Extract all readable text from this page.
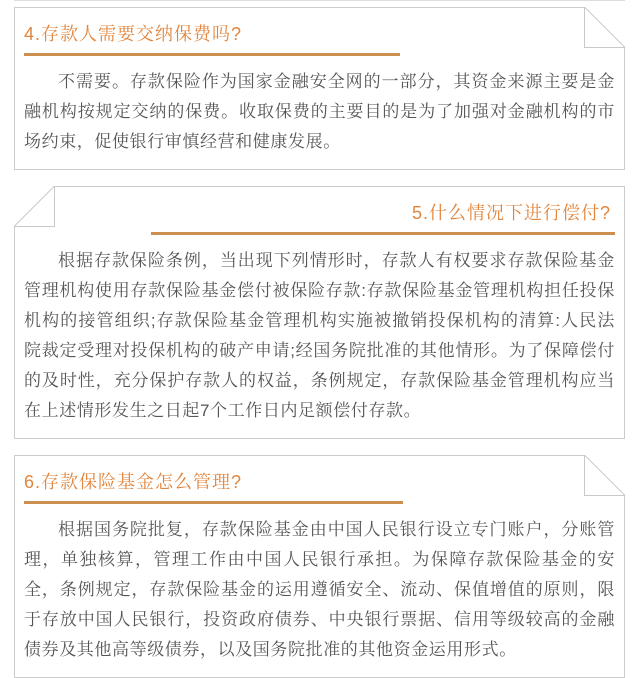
4.存款人需要交纳保费吗?

不需要。存款保险作为国家金融安全网的一部分，其资金来源主要是金融机构按规定交纳的保费。收取保费的主要目的是为了加强对金融机构的市场约束，促使银行审慎经营和健康发展。

5.什么情况下进行偿付?

根据存款保险条例，当出现下列情形时，存款人有权要求存款保险基金管理机构使用存款保险基金偿付被保险存款:存款保险基金管理机构担任投保机构的接管组织;存款保险基金管理机构实施被撤销投保机构的清算:人民法院裁定受理对投保机构的破产申请;经国务院批准的其他情形。为了保障偿付的及时性，充分保护存款人的权益，条例规定，存款保险基金管理机构应当在上述情形发生之日起7个工作日内足额偿付存款。

6.存款保险基金怎么管理?

根据国务院批复，存款保险基金由中国人民银行设立专门账户，分账管理，单独核算，管理工作由中国人民银行承担。为保障存款保险基金的安全，条例规定，存款保险基金的运用遵循安全、流动、保值增值的原则，限于存放中国人民银行，投资政府债券、中央银行票据、信用等级较高的金融债券及其他高等级债券，以及国务院批准的其他资金运用形式。
